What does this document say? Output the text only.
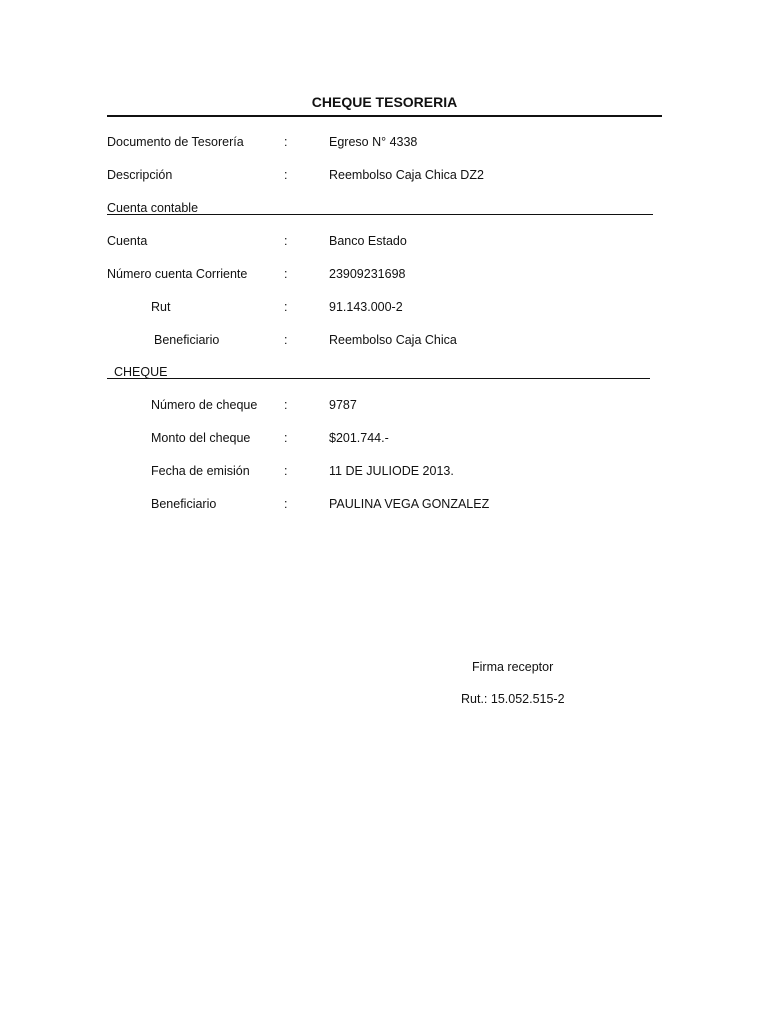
CHEQUE TESORERIA
Documento de Tesorería	:	Egreso N° 4338
Descripción	:	Reembolso Caja Chica DZ2
Cuenta contable
Cuenta	:	Banco Estado
Número cuenta Corriente	:	23909231698
Rut	:	91.143.000-2
Beneficiario	:	Reembolso Caja Chica
CHEQUE
Número de cheque :	9787
Monto del cheque	:	$201.744.-
Fecha de emisión	:	11 DE JULIODE 2013.
Beneficiario	:	PAULINA VEGA GONZALEZ
Firma receptor
Rut.: 15.052.515-2
